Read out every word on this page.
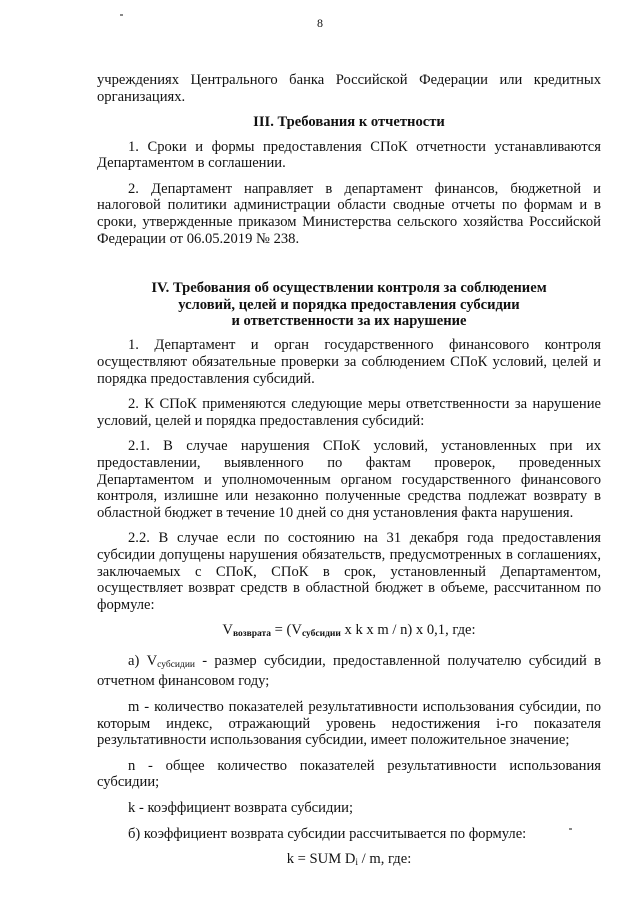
8
учреждениях Центрального банка Российской Федерации или кредитных организациях.
III. Требования к отчетности
1. Сроки и формы предоставления СПоК отчетности устанавливаются Департаментом в соглашении.
2. Департамент направляет в департамент финансов, бюджетной и налоговой политики администрации области сводные отчеты по формам и в сроки, утвержденные приказом Министерства сельского хозяйства Российской Федерации от 06.05.2019 № 238.
IV. Требования об осуществлении контроля за соблюдением
условий, целей и порядка предоставления субсидии
и ответственности за их нарушение
1. Департамент и орган государственного финансового контроля осуществляют обязательные проверки за соблюдением СПоК условий, целей и порядка предоставления субсидий.
2. К СПоК применяются следующие меры ответственности за нарушение условий, целей и порядка предоставления субсидий:
2.1. В случае нарушения СПоК условий, установленных при их предоставлении, выявленного по фактам проверок, проведенных Департаментом и уполномоченным органом государственного финансового контроля, излишне или незаконно полученные средства подлежат возврату в областной бюджет в течение 10 дней со дня установления факта нарушения.
2.2. В случае если по состоянию на 31 декабря года предоставления субсидии допущены нарушения обязательств, предусмотренных в соглашениях, заключаемых с СПоК, СПоК в срок, установленный Департаментом, осуществляет возврат средств в областной бюджет в объеме, рассчитанном по формуле:
$V_{возврата} = (V_{субсидии}$ x k x m / n) x 0,1, где:
а) $V_{субсидии}$ - размер субсидии, предоставленной получателю субсидий в отчетном финансовом году;
m - количество показателей результативности использования субсидии, по которым индекс, отражающий уровень недостижения i-го показателя результативности использования субсидии, имеет положительное значение;
n - общее количество показателей результативности использования субсидии;
k - коэффициент возврата субсидии;
б) коэффициент возврата субсидии рассчитывается по формуле:
k = SUM $D_i$ / m, где:
